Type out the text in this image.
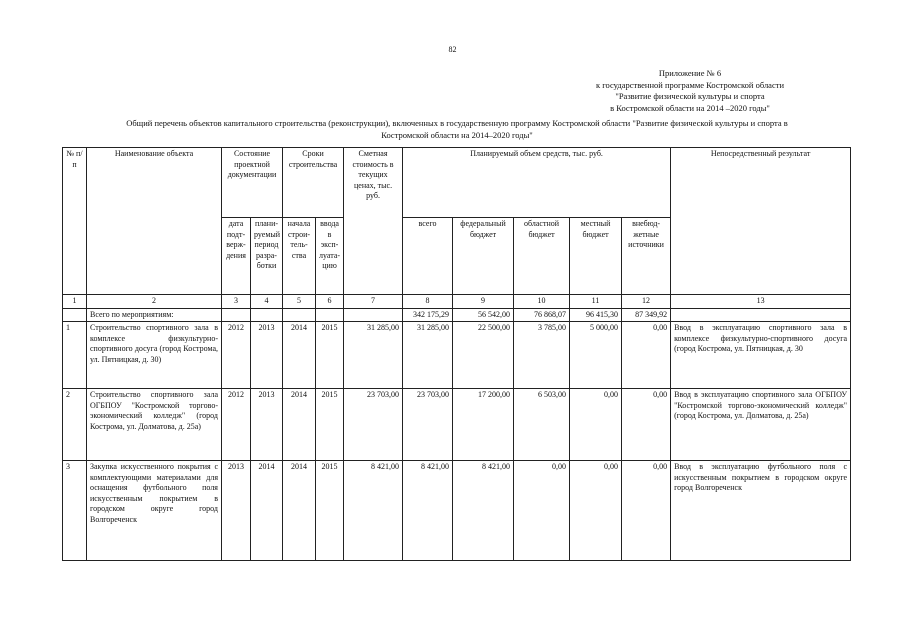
82
Приложение № 6
к государственной программе Костромской области
"Развитие физической культуры и спорта
в Костромской области на 2014 –2020 годы"
Общий перечень объектов капитального строительства (реконструкции), включенных в государственную программу Костромской области "Развитие физической культуры и спорта в
Костромской области на 2014–2020 годы"
№ п/п	Наименование объекта	Состояние проектной документации		Сроки строительства		Сметная стоимость в текущих ценах, тыс. руб.	Планируемый объем средств, тыс. руб.					Непосредственный результат
		дата подт-верж-дения	плани-руемый период разра-ботки	начала строи-тель-ства	ввода в эксп-луата-цию		всего	федеральный бюджет	областной бюджет	местный бюджет	внебюд-жетные источники	
1	2	3	4	5	6	7	8	9	10	11	12	13
	Всего по мероприятиям:						342 175,29	56 542,00	76 868,07	96 415,30	87 349,92	
1	Строительство спортивного зала в комплексе физкультурно-спортивного досуга (город Кострома, ул. Пятницкая, д. 30)	2012	2013	2014	2015	31 285,00	31 285,00	22 500,00	3 785,00	5 000,00	0,00	Ввод в эксплуатацию спортивного зала в комплексе физкультурно-спортивного досуга (город Кострома, ул. Пятницкая, д. 30
2	Строительство спортивного зала ОГБПОУ "Костромской торгово-экономический колледж" (город Кострома, ул. Долматова, д. 25а)	2012	2013	2014	2015	23 703,00	23 703,00	17 200,00	6 503,00	0,00	0,00	Ввод в эксплуатацию спортивного зала ОГБПОУ "Костромской торгово-экономический колледж" (город Кострома, ул. Долматова, д. 25а)
3	Закупка искусственного покрытия с комплектующими материалами для оснащения футбольного поля искусственным покрытием в городском округе город Волгореченск	2013	2014	2014	2015	8 421,00	8 421,00	8 421,00	0,00	0,00	0,00	Ввод в эксплуатацию футбольного поля с искусственным покрытием в городском округе город Волгореченск
